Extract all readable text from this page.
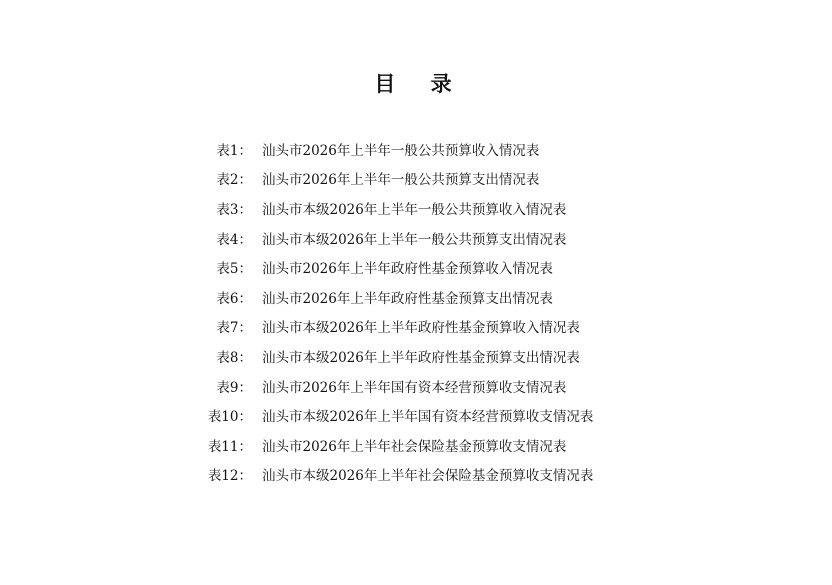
目 录
表1： 汕头市2026年上半年一般公共预算收入情况表
表2： 汕头市2026年上半年一般公共预算支出情况表
表3： 汕头市本级2026年上半年一般公共预算收入情况表
表4： 汕头市本级2026年上半年一般公共预算支出情况表
表5： 汕头市2026年上半年政府性基金预算收入情况表
表6： 汕头市2026年上半年政府性基金预算支出情况表
表7： 汕头市本级2026年上半年政府性基金预算收入情况表
表8： 汕头市本级2026年上半年政府性基金预算支出情况表
表9： 汕头市2026年上半年国有资本经营预算收支情况表
表10： 汕头市本级2026年上半年国有资本经营预算收支情况表
表11： 汕头市2026年上半年社会保险基金预算收支情况表
表12： 汕头市本级2026年上半年社会保险基金预算收支情况表
